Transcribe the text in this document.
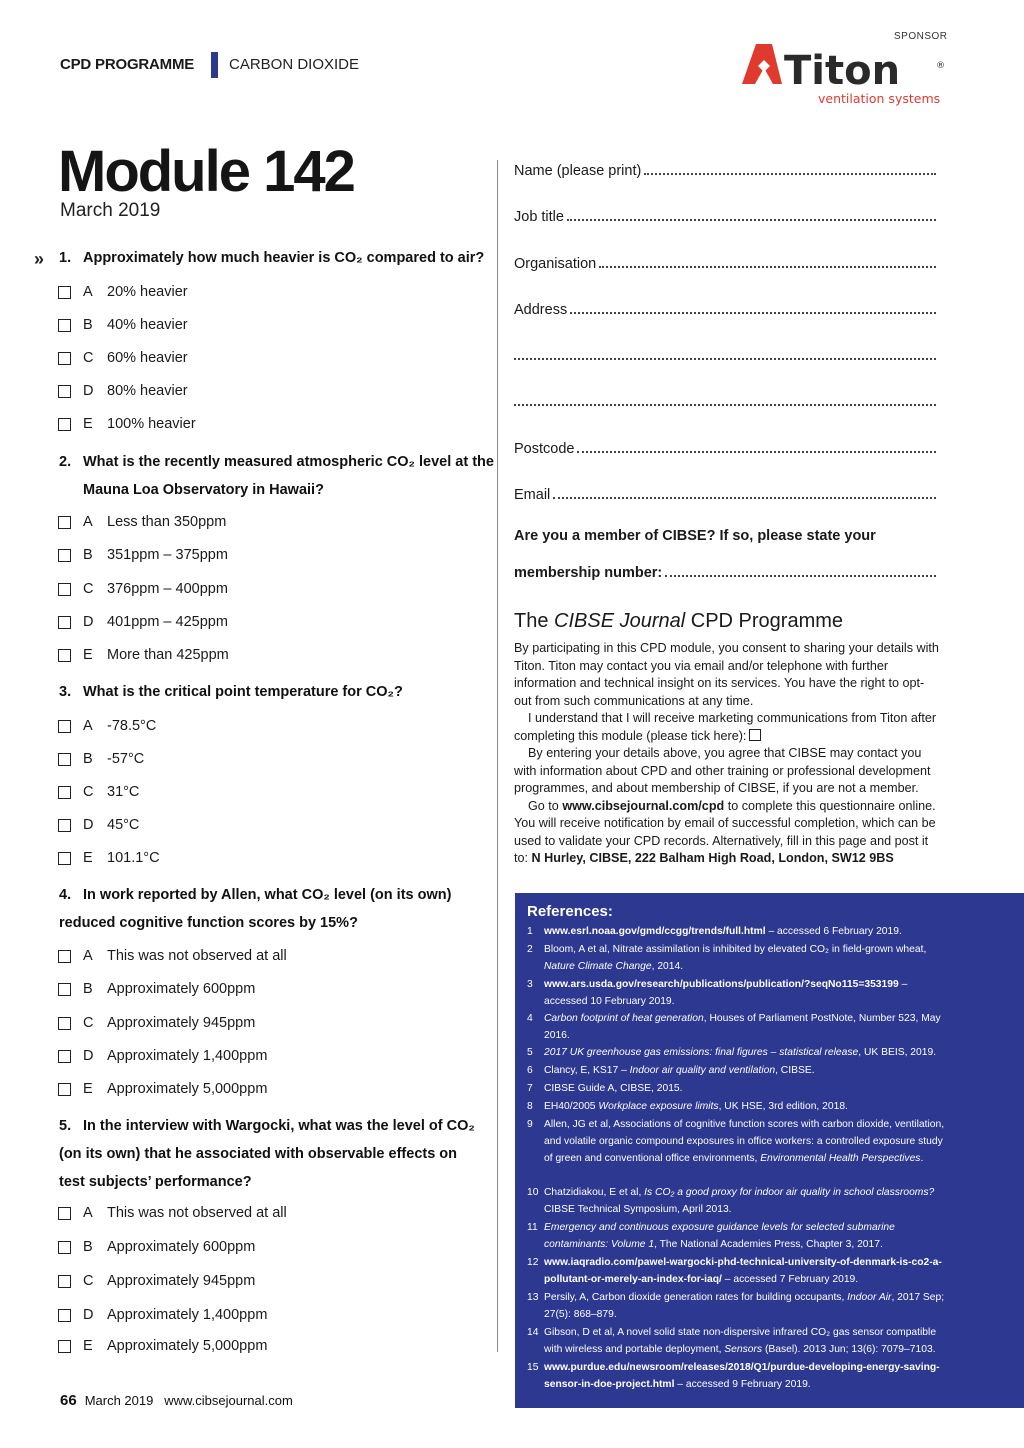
SPONSOR
CPD PROGRAMME CARBON DIOXIDE	Titon	®
ventilation systems
Module 142
March 2019
» 1. Approximately how much heavier is CO₂ compared to air?
A 20% heavier
B 40% heavier
C 60% heavier
D 80% heavier
E 100% heavier
2. What is the recently measured atmospheric CO₂ level at the
Mauna Loa Observatory in Hawaii?
A Less than 350ppm
B 351ppm – 375ppm
C 376ppm – 400ppm
D 401ppm – 425ppm
E More than 425ppm
3. What is the critical point temperature for CO₂?
A -78.5°C
B -57°C
C 31°C
D 45°C
E 101.1°C
4. In work reported by Allen, what CO₂ level (on its own)
reduced cognitive function scores by 15%?
A This was not observed at all
B Approximately 600ppm
C Approximately 945ppm
D Approximately 1,400ppm
E Approximately 5,000ppm
5. In the interview with Wargocki, what was the level of CO₂
(on its own) that he associated with observable effects on
test subjects’ performance?
A This was not observed at all
B Approximately 600ppm
C Approximately 945ppm
D Approximately 1,400ppm
E Approximately 5,000ppm
Name (please print)
Job title
Organisation
Address
Postcode
Email
Are you a member of CIBSE? If so, please state your
membership number:
The CIBSE Journal CPD Programme

By participating in this CPD module, you consent to sharing your details with Titon. Titon may contact you via email and/or telephone with further information and technical insight on its services. You have the right to opt-out from such communications at any time.

I understand that I will receive marketing communications from Titon after completing this module (please tick here):

By entering your details above, you agree that CIBSE may contact you with information about CPD and other training or professional development programmes, and about membership of CIBSE, if you are not a member.

Go to www.cibsejournal.com/cpd to complete this questionnaire online. You will receive notification by email of successful completion, which can be used to validate your CPD records. Alternatively, fill in this page and post it to: N Hurley, CIBSE, 222 Balham High Road, London, SW12 9BS

References:
1	www.esrl.noaa.gov/gmd/ccgg/trends/full.html – accessed 6 February 2019.
2	Bloom, A et al, Nitrate assimilation is inhibited by elevated CO₂ in field-grown wheat, Nature Climate Change, 2014.
3	www.ars.usda.gov/research/publications/publication/?seqNo115=353199 – accessed 10 February 2019.
4	Carbon footprint of heat generation, Houses of Parliament PostNote, Number 523, May 2016.
5	2017 UK greenhouse gas emissions: final figures – statistical release, UK BEIS, 2019.
6	Clancy, E, KS17 – Indoor air quality and ventilation, CIBSE.
7	CIBSE Guide A, CIBSE, 2015.
8	EH40/2005 Workplace exposure limits, UK HSE, 3rd edition, 2018.
9	Allen, JG et al, Associations of cognitive function scores with carbon dioxide, ventilation, and volatile organic compound exposures in office workers: a controlled exposure study of green and conventional office environments, Environmental Health Perspectives.
10 Chatzidiakou, E et al, Is CO₂ a good proxy for indoor air quality in school classrooms? CIBSE Technical Symposium, April 2013.
11 Emergency and continuous exposure guidance levels for selected submarine contaminants: Volume 1, The National Academies Press, Chapter 3, 2017.
12 www.iaqradio.com/pawel-wargocki-phd-technical-university-of-denmark-is-co2-a-pollutant-or-merely-an-index-for-iaq/ – accessed 7 February 2019.
13 Persily, A, Carbon dioxide generation rates for building occupants, Indoor Air, 2017 Sep; 27(5): 868–879.
14 Gibson, D et al, A novel solid state non-dispersive infrared CO₂ gas sensor compatible with wireless and portable deployment, Sensors (Basel). 2013 Jun; 13(6): 7079–7103.
15 www.purdue.edu/newsroom/releases/2018/Q1/purdue-developing-energy-saving-sensor-in-doe-project.html – accessed 9 February 2019.
66 March 2019 www.cibsejournal.com
